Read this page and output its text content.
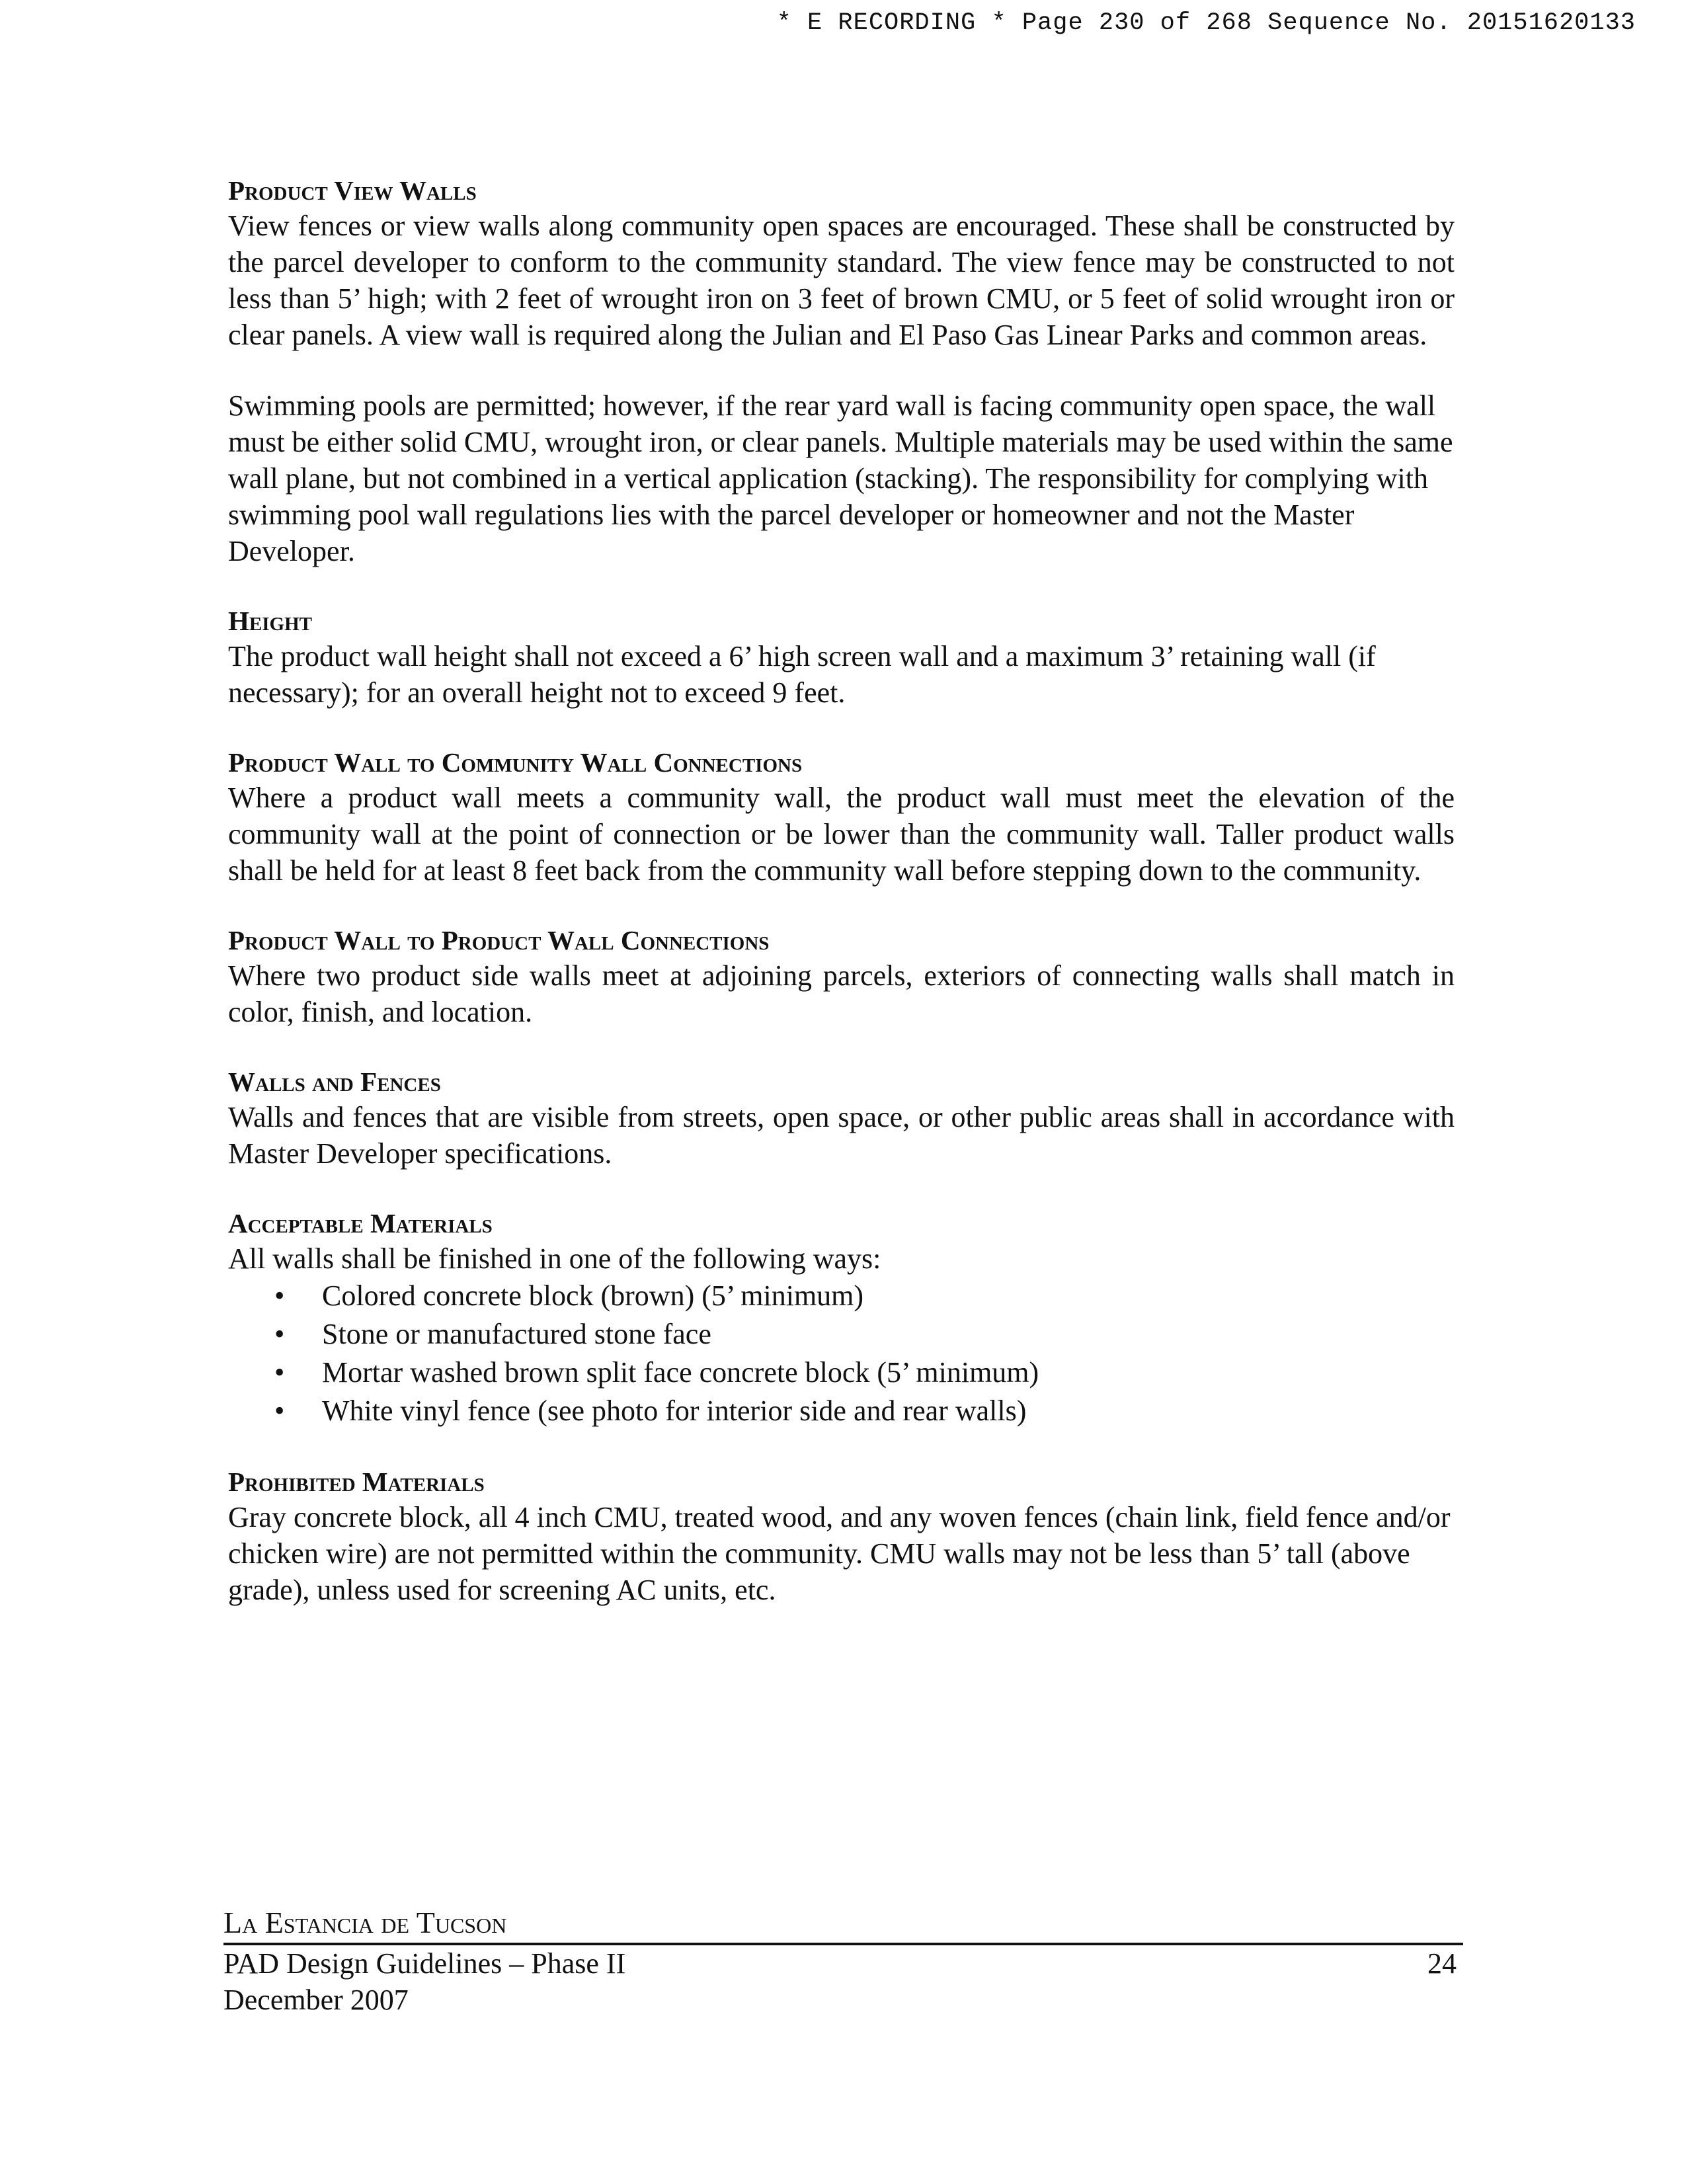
* E RECORDING * Page 230 of 268 Sequence No. 20151620133
Product View Walls

View fences or view walls along community open spaces are encouraged. These shall be constructed by the parcel developer to conform to the community standard. The view fence may be constructed to not less than 5’ high; with 2 feet of wrought iron on 3 feet of brown CMU, or 5 feet of solid wrought iron or clear panels. A view wall is required along the Julian and El Paso Gas Linear Parks and common areas.

Swimming pools are permitted; however, if the rear yard wall is facing community open space, the wall must be either solid CMU, wrought iron, or clear panels. Multiple materials may be used within the same wall plane, but not combined in a vertical application (stacking). The responsibility for complying with swimming pool wall regulations lies with the parcel developer or homeowner and not the Master Developer.

Height

The product wall height shall not exceed a 6’ high screen wall and a maximum 3’ retaining wall (if necessary); for an overall height not to exceed 9 feet.

Product Wall to Community Wall Connections

Where a product wall meets a community wall, the product wall must meet the elevation of the community wall at the point of connection or be lower than the community wall. Taller product walls shall be held for at least 8 feet back from the community wall before stepping down to the community.

Product Wall to Product Wall Connections

Where two product side walls meet at adjoining parcels, exteriors of connecting walls shall match in color, finish, and location.

Walls and Fences

Walls and fences that are visible from streets, open space, or other public areas shall in accordance with Master Developer specifications.

Acceptable Materials

All walls shall be finished in one of the following ways:

• Colored concrete block (brown) (5’ minimum)
• Stone or manufactured stone face
• Mortar washed brown split face concrete block (5’ minimum)
• White vinyl fence (see photo for interior side and rear walls)
Prohibited Materials

Gray concrete block, all 4 inch CMU, treated wood, and any woven fences (chain link, field fence and/or chicken wire) are not permitted within the community. CMU walls may not be less than 5’ tall (above grade), unless used for screening AC units, etc.

La Estancia de Tucson
PAD Design Guidelines – Phase II	24
December 2007
